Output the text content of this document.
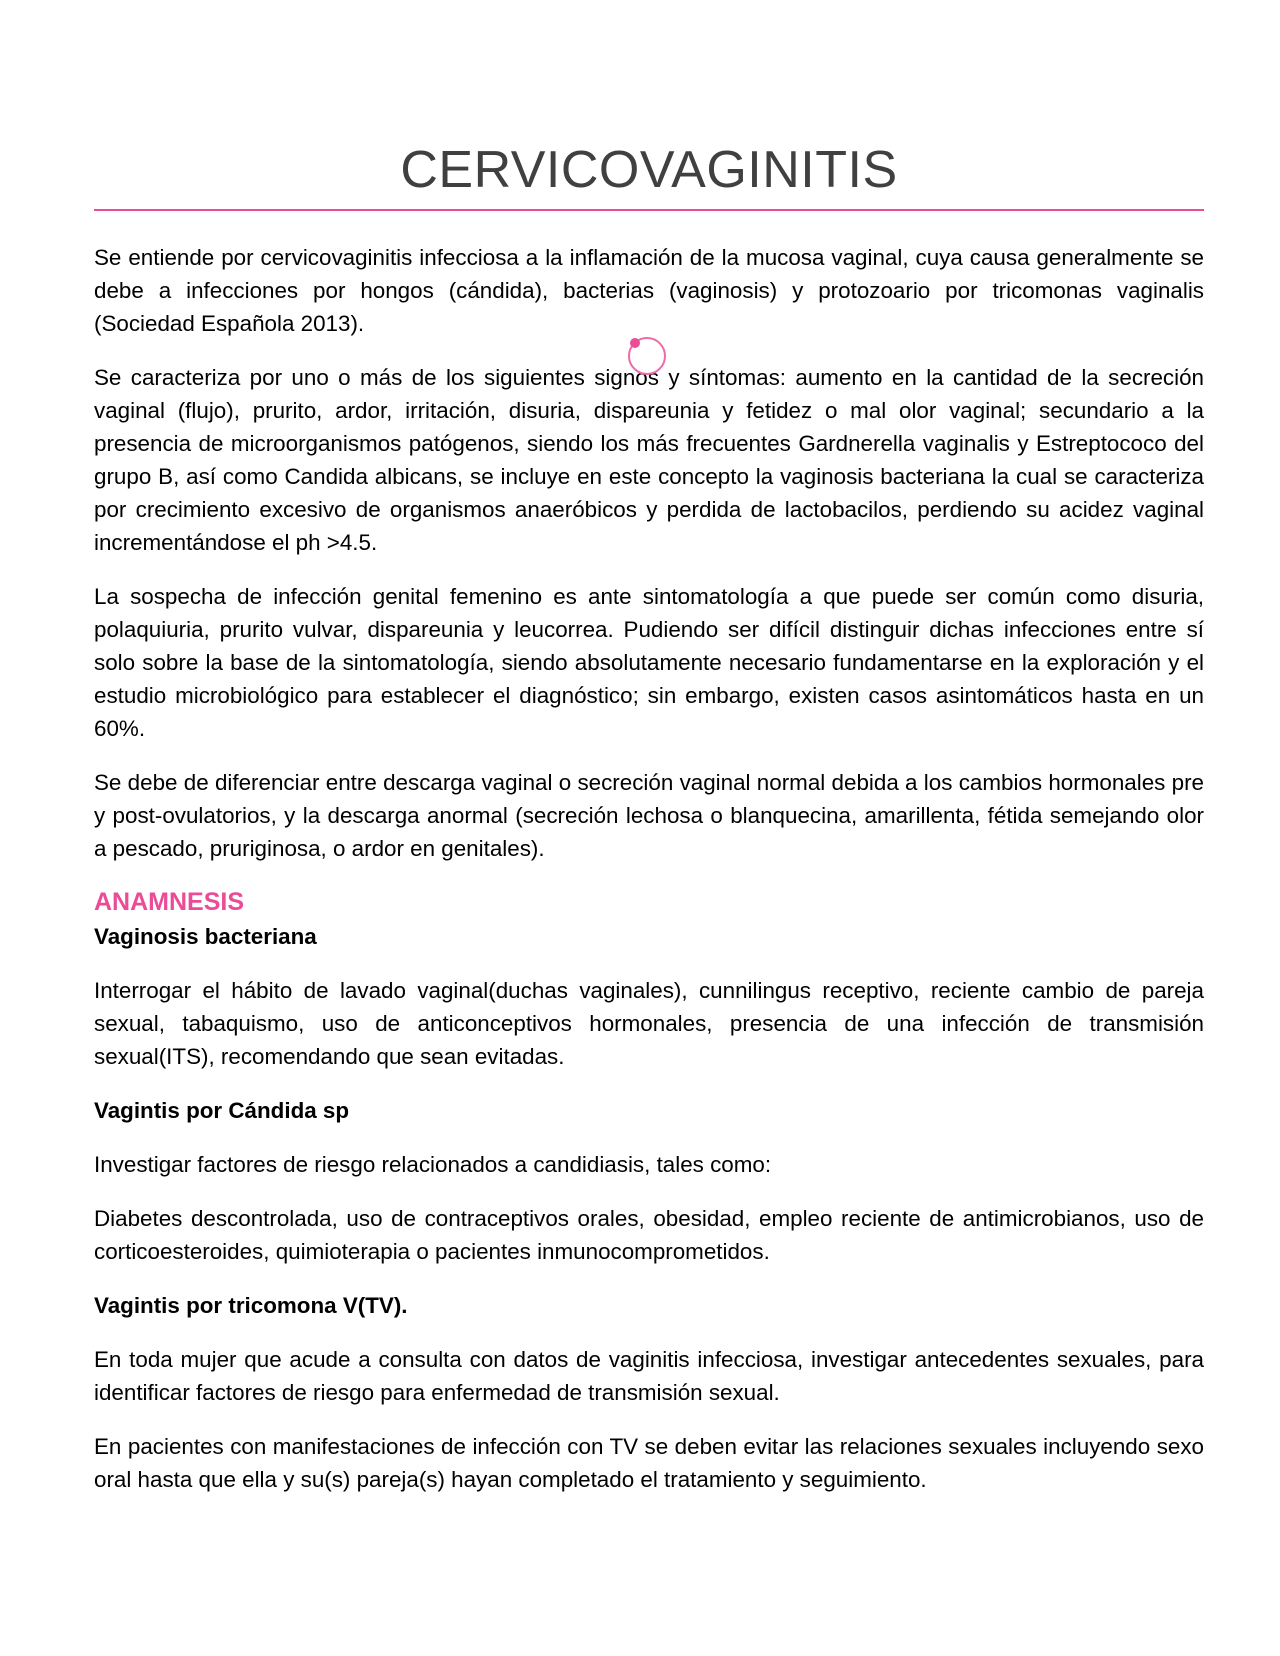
CERVICOVAGINITIS

Se entiende por cervicovaginitis infecciosa a la inflamación de la mucosa vaginal, cuya causa generalmente se debe a infecciones por hongos (cándida), bacterias (vaginosis) y protozoario por tricomonas vaginalis (Sociedad Española 2013).

Se caracteriza por uno o más de los siguientes signos y síntomas: aumento en la cantidad de la secreción vaginal (flujo), prurito, ardor, irritación, disuria, dispareunia y fetidez o mal olor vaginal; secundario a la presencia de microorganismos patógenos, siendo los más frecuentes Gardnerella vaginalis y Estreptococo del grupo B, así como Candida albicans, se incluye en este concepto la vaginosis bacteriana la cual se caracteriza por crecimiento excesivo de organismos anaeróbicos y perdida de lactobacilos, perdiendo su acidez vaginal incrementándose el ph >4.5.

La sospecha de infección genital femenino es ante sintomatología a que puede ser común como disuria, polaquiuria, prurito vulvar, dispareunia y leucorrea. Pudiendo ser difícil distinguir dichas infecciones entre sí solo sobre la base de la sintomatología, siendo absolutamente necesario fundamentarse en la exploración y el estudio microbiológico para establecer el diagnóstico; sin embargo, existen casos asintomáticos hasta en un 60%.

Se debe de diferenciar entre descarga vaginal o secreción vaginal normal debida a los cambios hormonales pre y post-ovulatorios, y la descarga anormal (secreción lechosa o blanquecina, amarillenta, fétida semejando olor a pescado, pruriginosa, o ardor en genitales).

ANAMNESIS
Vaginosis bacteriana

Interrogar el hábito de lavado vaginal(duchas vaginales), cunnilingus receptivo, reciente cambio de pareja sexual, tabaquismo, uso de anticonceptivos hormonales, presencia de una infección de transmisión sexual(ITS), recomendando que sean evitadas.

Vagintis por Cándida sp

Investigar factores de riesgo relacionados a candidiasis, tales como:

Diabetes descontrolada, uso de contraceptivos orales, obesidad, empleo reciente de antimicrobianos, uso de corticoesteroides, quimioterapia o pacientes inmunocomprometidos.

Vagintis por tricomona V(TV).

En toda mujer que acude a consulta con datos de vaginitis infecciosa, investigar antecedentes sexuales, para identificar factores de riesgo para enfermedad de transmisión sexual.

En pacientes con manifestaciones de infección con TV se deben evitar las relaciones sexuales incluyendo sexo oral hasta que ella y su(s) pareja(s) hayan completado el tratamiento y seguimiento.
